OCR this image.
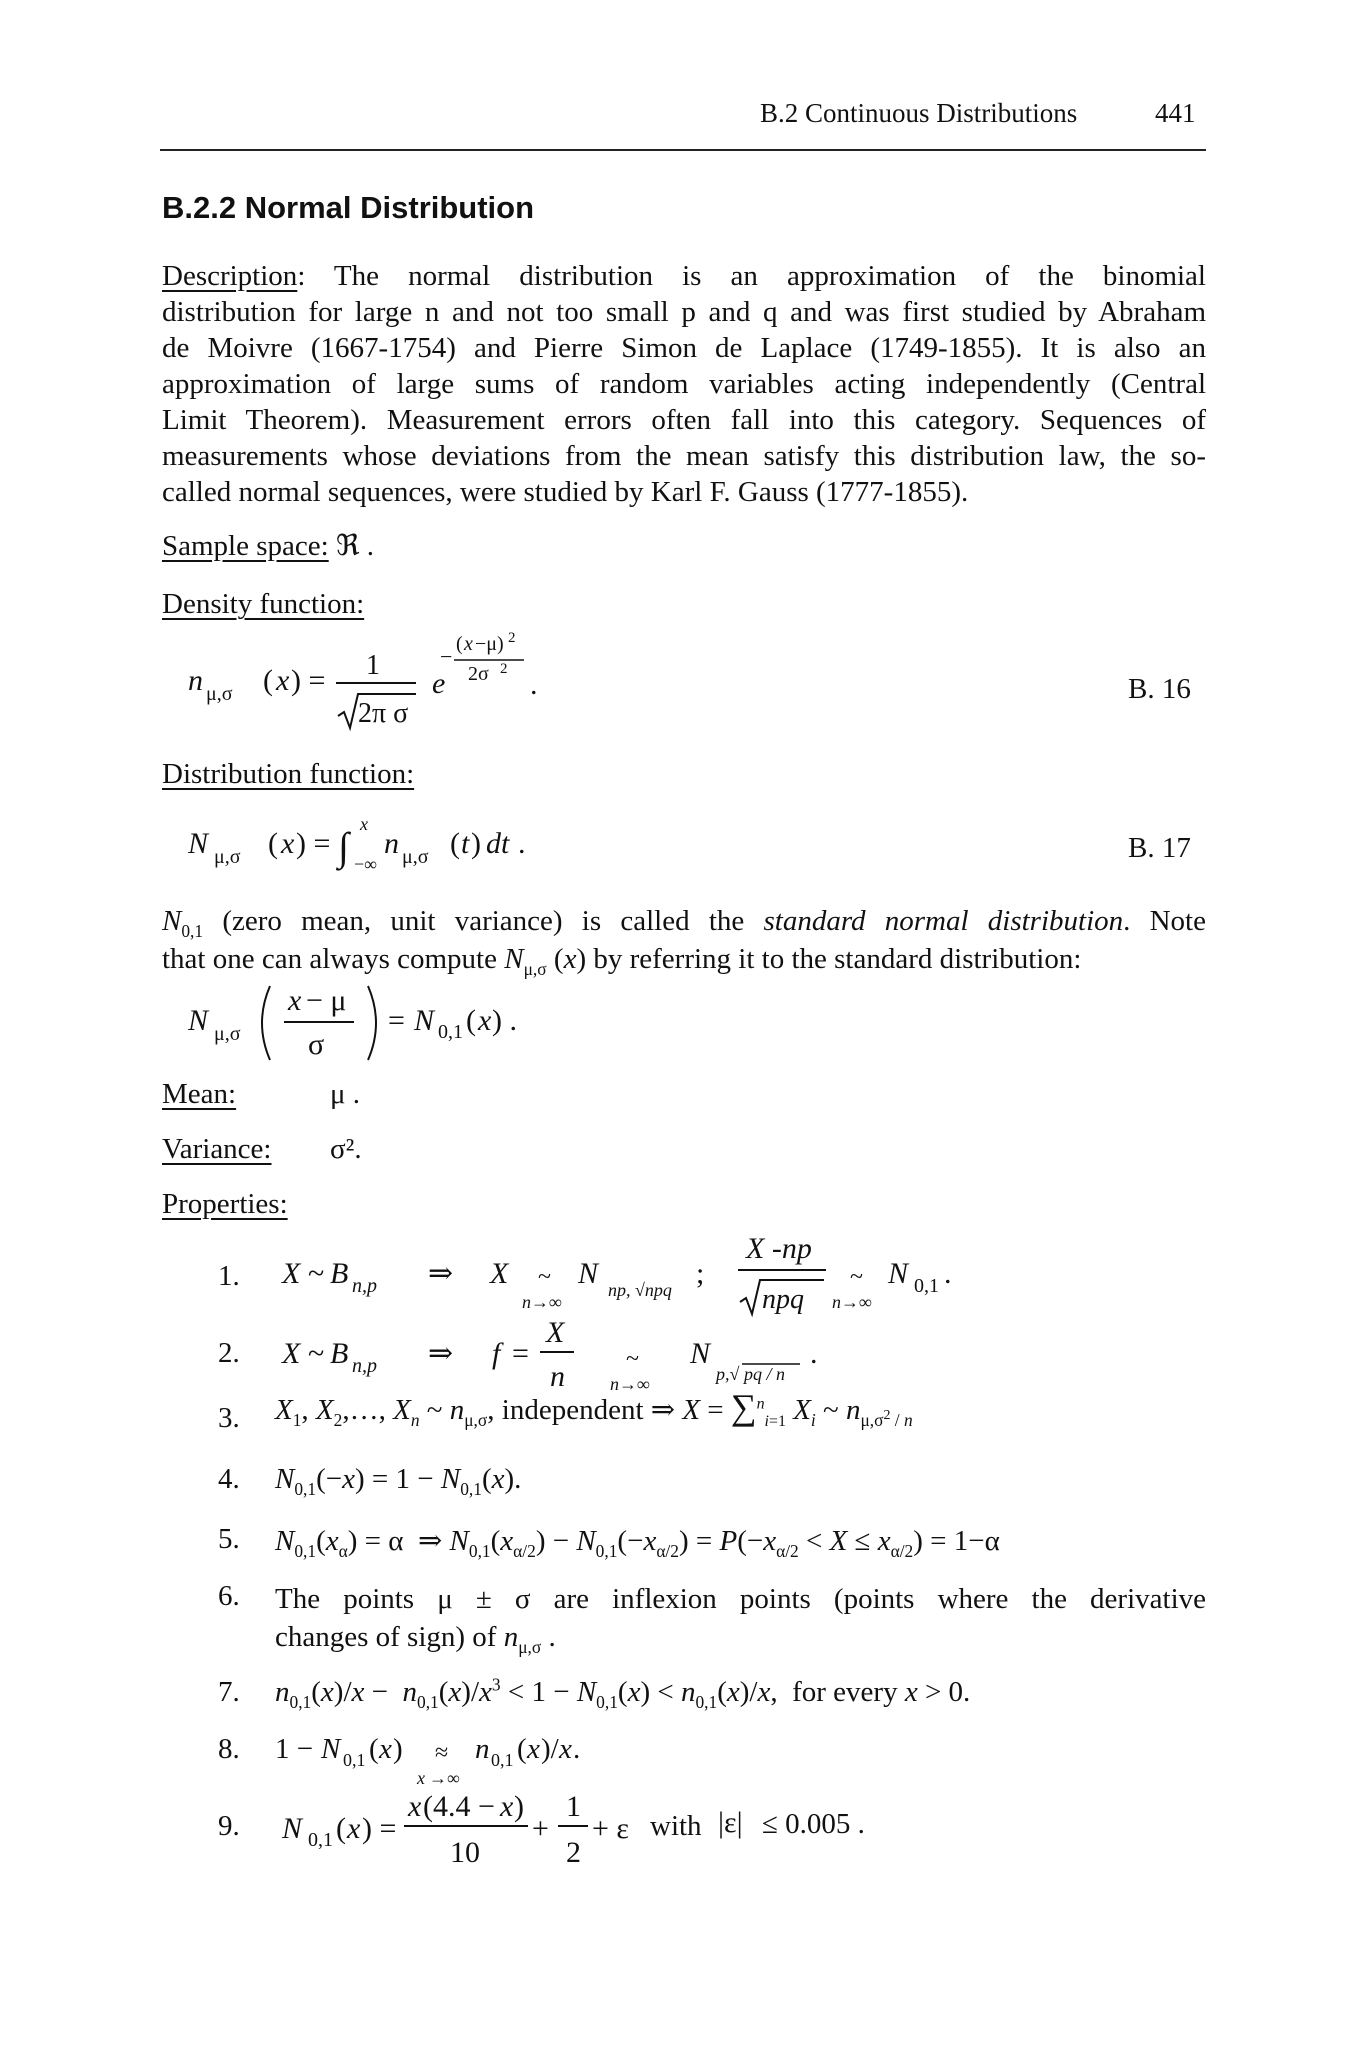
B.2 Continuous Distributions	441
B.2.2 Normal Distribution
Description: The normal distribution is an approximation of the binomial
distribution for large n and not too small p and q and was first studied by Abraham
de Moivre (1667-1754) and Pierre Simon de Laplace (1749-1855). It is also an
approximation of large sums of random variables acting independently (Central
Limit Theorem). Measurement errors often fall into this category. Sequences of
measurements whose deviations from the mean satisfy this distribution law, the so-
called normal sequences, were studied by Karl F. Gauss (1777-1855).
Sample space: ℜ .
Density function:
n μ,σ ( x ) = 1
2π σ
e
− ( x −μ) 2
2σ 2 .	B. 16
Distribution function:
N μ,σ ( x ) = ∫ x
−∞
n μ,σ ( t ) dt .	B. 17
$N_{0,1}$ (zero mean, unit variance) is called the standard normal distribution. Note
that one can always compute $N_{\mu,\sigma}$ (x) by referring it to the standard distribution:
N μ,σ
x − μ
σ
= N 0,1 ( x ) .
Mean:	μ .
Variance: σ².
Properties:
1. X ~ B n,p ⇒ X ~
n→∞
N np, √npq ;
X -np
npq
~
n→∞
N 0,1 .
2. X ~ B n,p ⇒ f =
X
n
~
n→∞
N
p,√ pq / n
.
3. $X_1$, $X_2,\dots$, $X_n$ ~ $n_{\mu,\sigma}$, independent ⇒ X = ∑$^n_{i=1}$ $X_i$ ~ $n_{\mu,\sigma^2 / n}$
4. $N_{0,1}(-x) = 1 - N_{0,1}(x)$.
5. $N_{0,1}(x_\alpha) = \alpha$  ⇒ $N_{0,1}(x_{\alpha/2}) - N_{0,1}(-x_{\alpha/2}) = P(-x_{\alpha/2} < X \le x_{\alpha/2}) = 1-\alpha$
6. The points μ ± σ are inflexion points (points where the derivative
changes of sign) of $n_{\mu,\sigma}$ .
7. $n_{0,1}(x)/x - n_{0,1}(x)/x^3 < 1 - N_{0,1}(x) < n_{0,1}(x)/x$,  for every x > 0.
8. 1 − N 0,1 ( x ) ≈
x →∞
n 0,1 ( x )/ x .
9. N 0,1 ( x ) =
x (4.4 − x )
10
+
1
2
+ ε with |ε| ≤ 0.005 .
